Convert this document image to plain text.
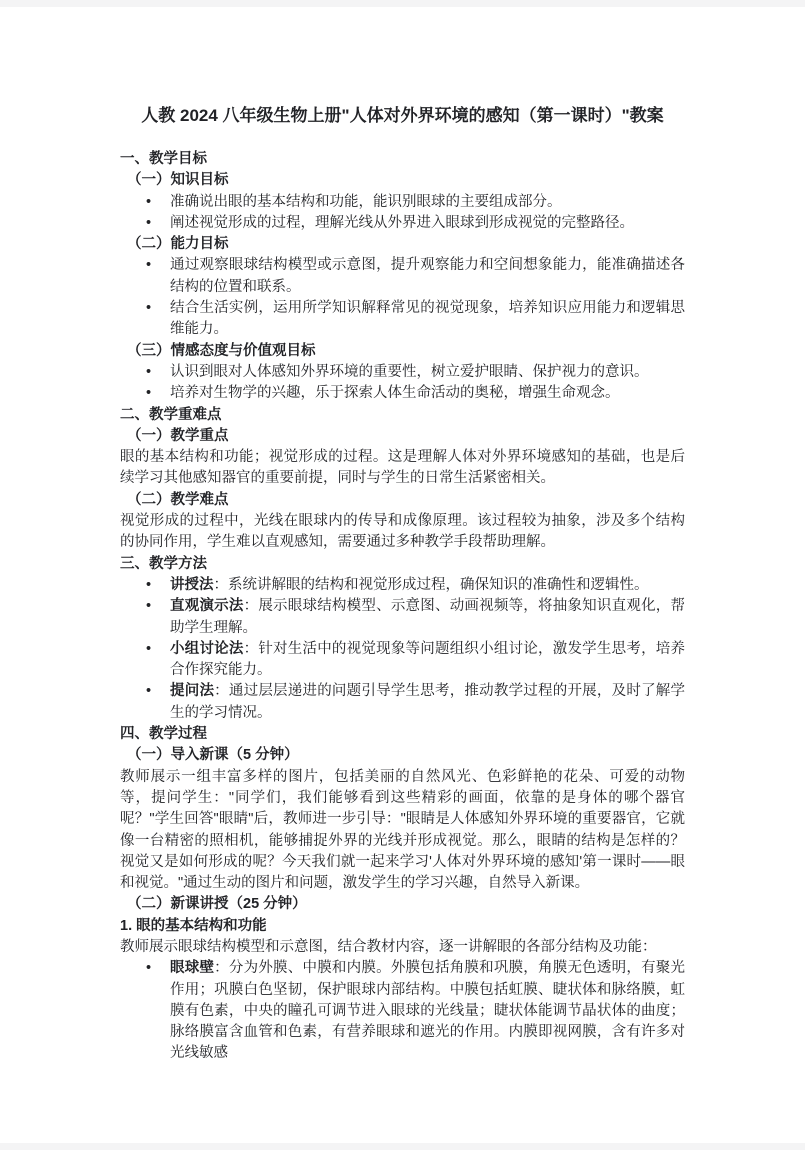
人教 2024 八年级生物上册"人体对外界环境的感知（第一课时）"教案
一、教学目标
（一）知识目标
•
准确说出眼的基本结构和功能，能识别眼球的主要组成部分。
•
阐述视觉形成的过程，理解光线从外界进入眼球到形成视觉的完整路径。
（二）能力目标
•
通过观察眼球结构模型或示意图，提升观察能力和空间想象能力，能准确描述各结构的位置和联系。
•
结合生活实例，运用所学知识解释常见的视觉现象，培养知识应用能力和逻辑思维能力。
（三）情感态度与价值观目标
•
认识到眼对人体感知外界环境的重要性，树立爱护眼睛、保护视力的意识。
•
培养对生物学的兴趣，乐于探索人体生命活动的奥秘，增强生命观念。
二、教学重难点
（一）教学重点
眼的基本结构和功能；视觉形成的过程。这是理解人体对外界环境感知的基础，也是后续学习其他感知器官的重要前提，同时与学生的日常生活紧密相关。
（二）教学难点
视觉形成的过程中，光线在眼球内的传导和成像原理。该过程较为抽象，涉及多个结构的协同作用，学生难以直观感知，需要通过多种教学手段帮助理解。
三、教学方法
•
讲授法：系统讲解眼的结构和视觉形成过程，确保知识的准确性和逻辑性。
•
直观演示法：展示眼球结构模型、示意图、动画视频等，将抽象知识直观化，帮助学生理解。
•
小组讨论法：针对生活中的视觉现象等问题组织小组讨论，激发学生思考，培养合作探究能力。
•
提问法：通过层层递进的问题引导学生思考，推动教学过程的开展，及时了解学生的学习情况。
四、教学过程
（一）导入新课（5 分钟）
教师展示一组丰富多样的图片，包括美丽的自然风光、色彩鲜艳的花朵、可爱的动物等，提问学生："同学们，我们能够看到这些精彩的画面，依靠的是身体的哪个器官呢？"学生回答"眼睛"后，教师进一步引导："眼睛是人体感知外界环境的重要器官，它就像一台精密的照相机，能够捕捉外界的光线并形成视觉。那么，眼睛的结构是怎样的？视觉又是如何形成的呢？今天我们就一起来学习'人体对外界环境的感知'第一课时——眼和视觉。"通过生动的图片和问题，激发学生的学习兴趣，自然导入新课。
（二）新课讲授（25 分钟）
1. 眼的基本结构和功能
教师展示眼球结构模型和示意图，结合教材内容，逐一讲解眼的各部分结构及功能：
•
眼球壁：分为外膜、中膜和内膜。外膜包括角膜和巩膜，角膜无色透明，有聚光作用；巩膜白色坚韧，保护眼球内部结构。中膜包括虹膜、睫状体和脉络膜，虹膜有色素，中央的瞳孔可调节进入眼球的光线量；睫状体能调节晶状体的曲度；脉络膜富含血管和色素，有营养眼球和遮光的作用。内膜即视网膜，含有许多对光线敏感
